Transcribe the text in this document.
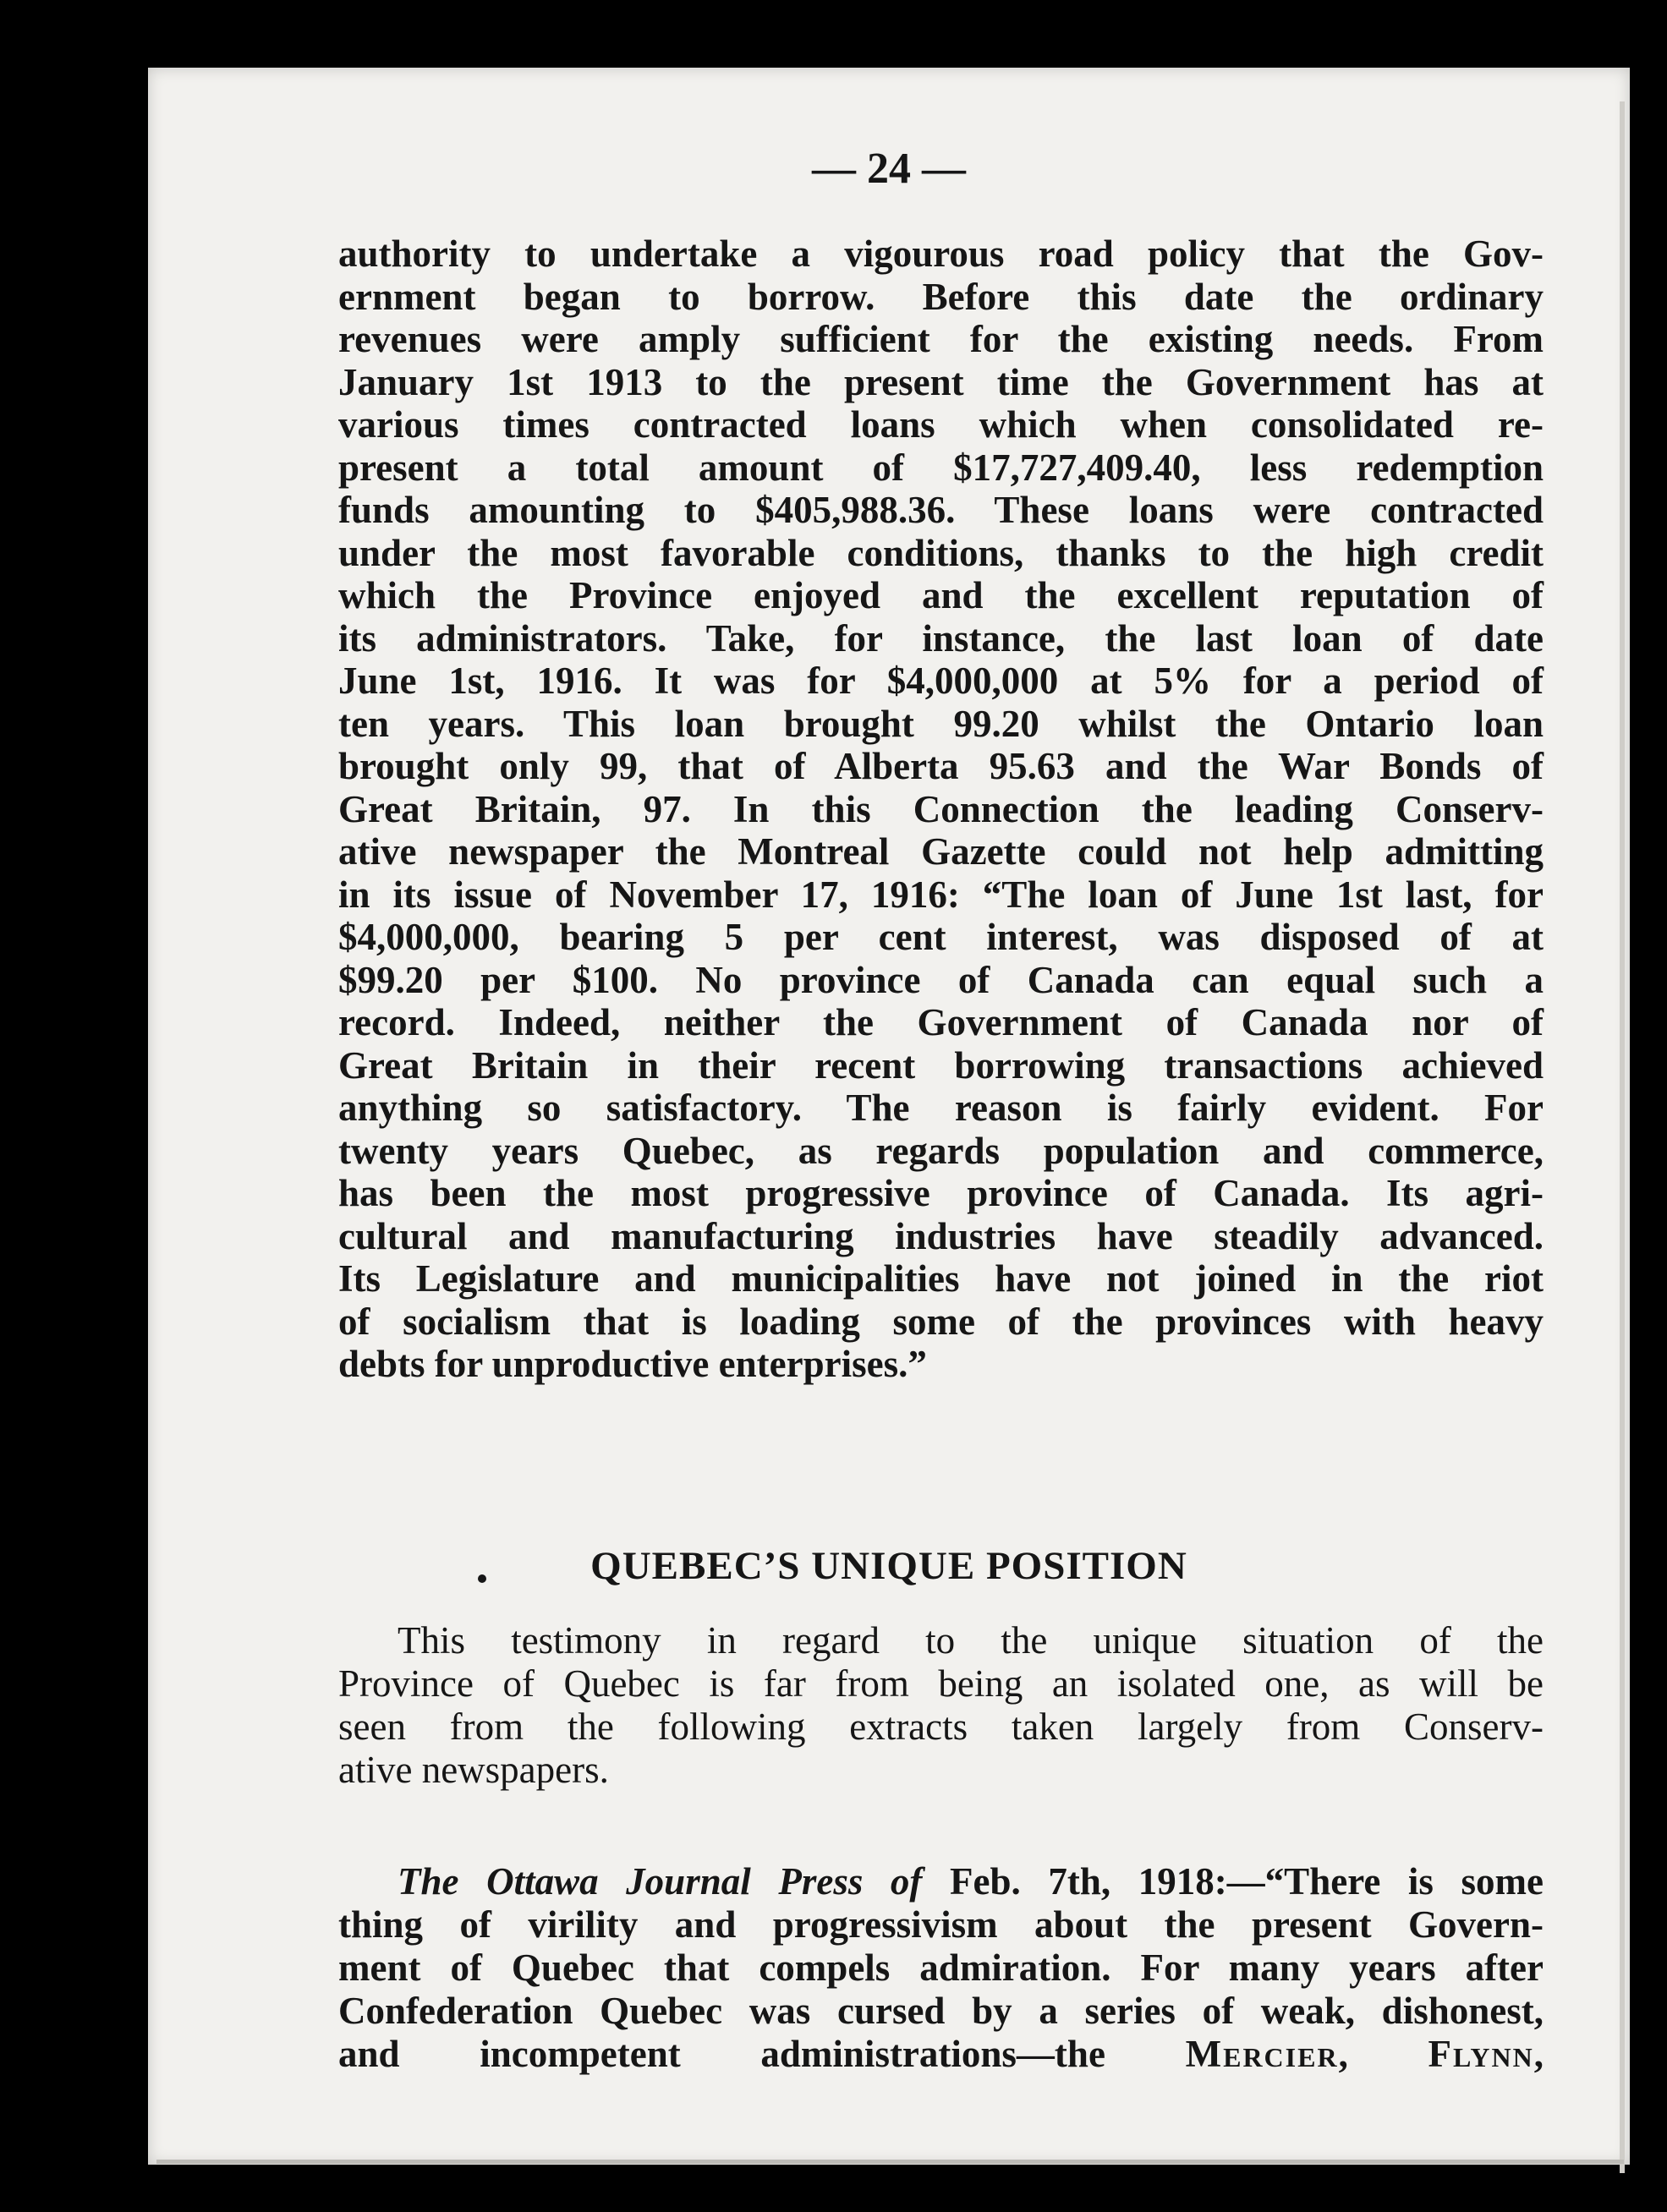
— 24 —
authority to undertake a vigourous road policy that the Gov-
ernment began to borrow. Before this date the ordinary
revenues were amply sufficient for the existing needs. From
January 1st 1913 to the present time the Government has at
various times contracted loans which when consolidated re-
present a total amount of $17,727,409.40, less redemption
funds amounting to $405,988.36. These loans were contracted
under the most favorable conditions, thanks to the high credit
which the Province enjoyed and the excellent reputation of
its administrators. Take, for instance, the last loan of date
June 1st, 1916. It was for $4,000,000 at 5% for a period of
ten years. This loan brought 99.20 whilst the Ontario loan
brought only 99, that of Alberta 95.63 and the War Bonds of
Great Britain, 97. In this Connection the leading Conserv-
ative newspaper the Montreal Gazette could not help admitting
in its issue of November 17, 1916: “The loan of June 1st last, for
$4,000,000, bearing 5 per cent interest, was disposed of at
$99.20 per $100. No province of Canada can equal such a
record. Indeed, neither the Government of Canada nor of
Great Britain in their recent borrowing transactions achieved
anything so satisfactory. The reason is fairly evident. For
twenty years Quebec, as regards population and commerce,
has been the most progressive province of Canada. Its agri-
cultural and manufacturing industries have steadily advanced.
Its Legislature and municipalities have not joined in the riot
of socialism that is loading some of the provinces with heavy
debts for unproductive enterprises.”
QUEBEC’S UNIQUE POSITION
This testimony in regard to the unique situation of the
Province of Quebec is far from being an isolated one, as will be
seen from the following extracts taken largely from Conserv-
ative newspapers.
The Ottawa Journal Press of Feb. 7th, 1918:—“There is some
thing of virility and progressivism about the present Govern-
ment of Quebec that compels admiration. For many years after
Confederation Quebec was cursed by a series of weak, dishonest,
and incompetent administrations—the Mercier, Flynn,
